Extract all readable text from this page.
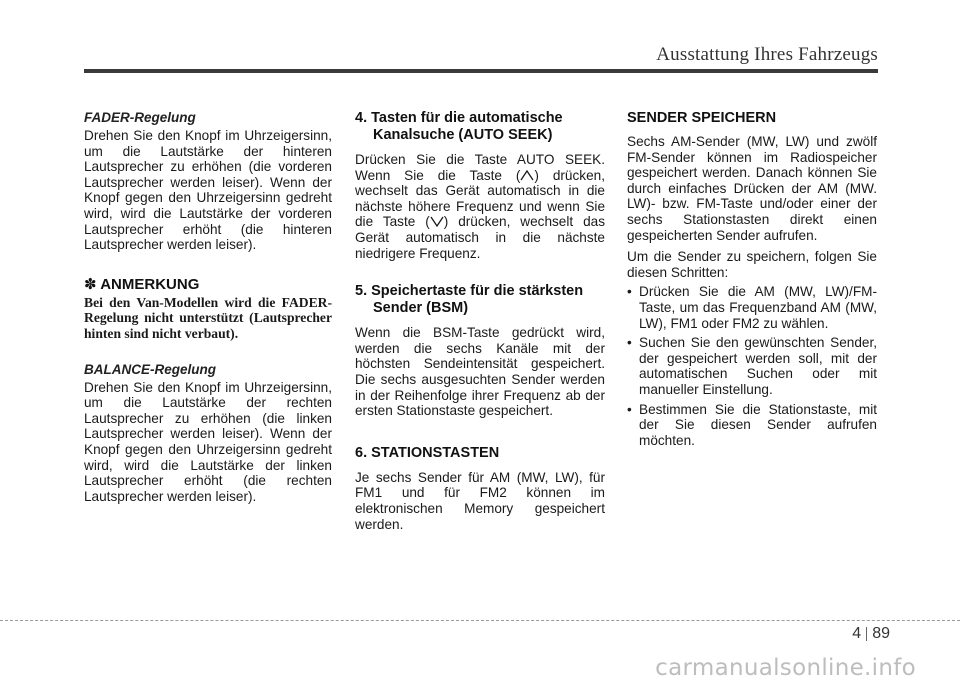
Ausstattung Ihres Fahrzeugs
FADER-Regelung

Drehen Sie den Knopf im Uhrzeigersinn, um die Lautstärke der hinteren Lautsprecher zu erhöhen (die vorderen Lautsprecher werden leiser). Wenn der Knopf gegen den Uhrzeigersinn gedreht wird, wird die Lautstärke der vorderen Lautsprecher erhöht (die hinteren Lautsprecher werden leiser).

✽ ANMERKUNG

Bei den Van-Modellen wird die FADER-Regelung nicht unterstützt (Lautsprecher hinten sind nicht verbaut).

BALANCE-Regelung

Drehen Sie den Knopf im Uhrzeigersinn, um die Lautstärke der rechten Lautsprecher zu erhöhen (die linken Lautsprecher werden leiser). Wenn der Knopf gegen den Uhrzeigersinn gedreht wird, wird die Lautstärke der linken Lautsprecher erhöht (die rechten Lautsprecher werden leiser).

4. Tasten für die automatische Kanalsuche (AUTO SEEK)

Drücken Sie die Taste AUTO SEEK. Wenn Sie die Taste ( ) drücken, wechselt das Gerät automatisch in die nächste höhere Frequenz und wenn Sie die Taste ( ) drücken, wechselt das Gerät automatisch in die nächste niedrigere Frequenz.

5. Speichertaste für die stärksten Sender (BSM)

Wenn die BSM-Taste gedrückt wird, werden die sechs Kanäle mit der höchsten Sendeintensität gespeichert. Die sechs ausgesuchten Sender werden in der Reihenfolge ihrer Frequenz ab der ersten Stationstaste gespeichert.

6. STATIONSTASTEN

Je sechs Sender für AM (MW, LW), für FM1 und für FM2 können im elektronischen Memory gespeichert werden.

SENDER SPEICHERN

Sechs AM-Sender (MW, LW) und zwölf FM-Sender können im Radiospeicher gespeichert werden. Danach können Sie durch einfaches Drücken der AM (MW. LW)- bzw. FM-Taste und/oder einer der sechs Stationstasten direkt einen gespeicherten Sender aufrufen.

Um die Sender zu speichern, folgen Sie diesen Schritten:

• Drücken Sie die AM (MW, LW)/FM-Taste, um das Frequenzband AM (MW, LW), FM1 oder FM2 zu wählen.
• Suchen Sie den gewünschten Sender, der gespeichert werden soll, mit der automatischen Suchen oder mit manueller Einstellung.
• Bestimmen Sie die Stationstaste, mit der Sie diesen Sender aufrufen möchten.
4 89
carmanualsonline.info
